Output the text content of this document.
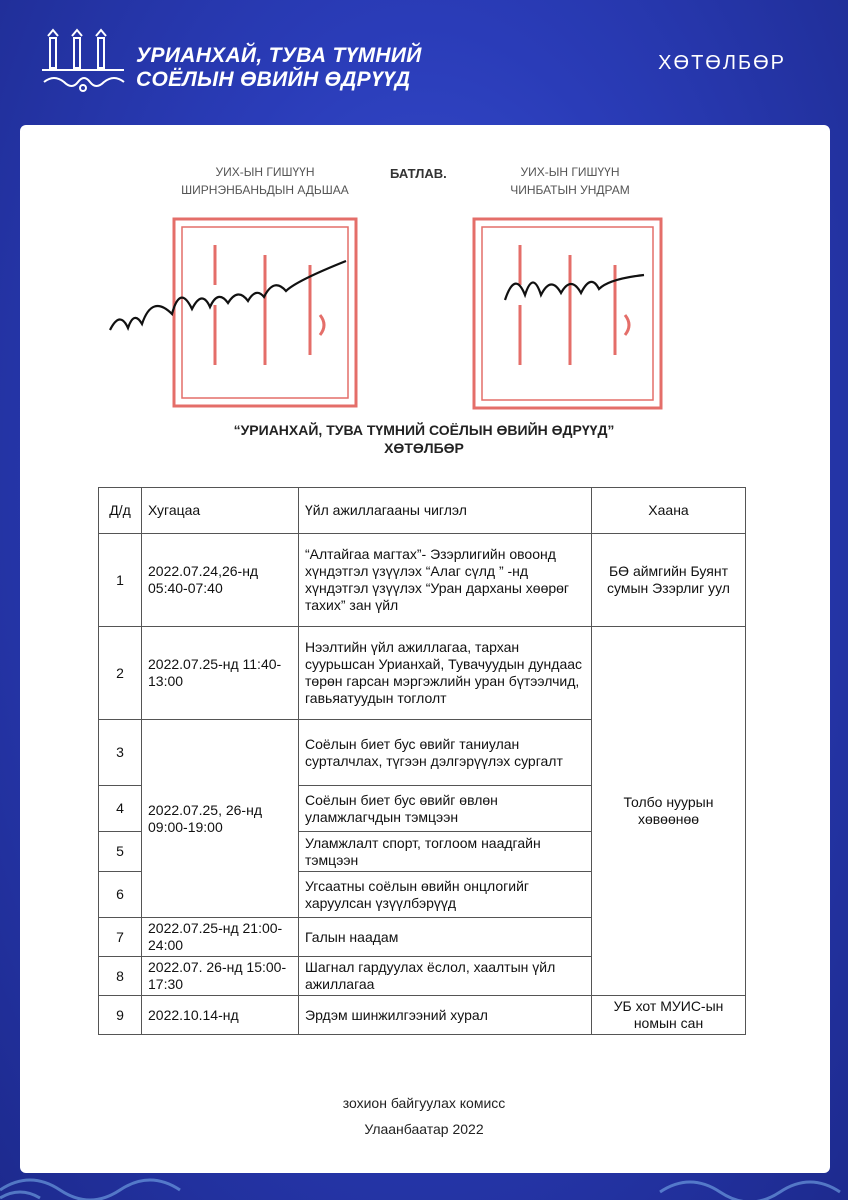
УРИАНХАЙ, ТУВА ТҮМНИЙ
СОЁЛЫН ӨВИЙН ӨДРҮҮД
ХӨТӨЛБӨР
УИХ-ЫН ГИШҮҮН
ШИРНЭНБАНЬДЫН АДЬШАА
БАТЛАВ.	УИХ-ЫН ГИШҮҮН
ЧИНБАТЫН УНДРАМ
“УРИАНХАЙ, ТУВА ТҮМНИЙ СОЁЛЫН ӨВИЙН ӨДРҮҮД”
ХӨТӨЛБӨР
Д/д	Хугацаа	Үйл ажиллагааны чиглэл	Хаана
1	2022.07.24,26-нд 05:40-07:40	“Алтайгаа магтах”- Эзэрлигийн овоонд хүндэтгэл үзүүлэх “Алаг сүлд ” -нд хүндэтгэл үзүүлэх “Уран дарханы хөөрөг тахих” зан үйл	БӨ аймгийн Буянт сумын Эзэрлиг уул
2	2022.07.25-нд 11:40-13:00	Нээлтийн үйл ажиллагаа, тархан суурьшсан Урианхай, Тувачуудын дундаас төрөн гарсан мэргэжлийн уран бүтээлчид, гавьяатуудын тоглолт	Толбо нуурын хөвөөнөө
3	2022.07.25, 26-нд 09:00-19:00	Соёлын биет бус өвийг таниулан сурталчлах, түгээн дэлгэрүүлэх сургалт	
4		Соёлын биет бус өвийг өвлөн уламжлагчдын тэмцээн	
5		Уламжлалт спорт, тоглоом наадгайн тэмцээн	
6		Угсаатны соёлын өвийн онцлогийг харуулсан үзүүлбэрүүд	
7	2022.07.25-нд 21:00-24:00	Галын наадам	
8	2022.07. 26-нд 15:00-17:30	Шагнал гардуулах ёслол, хаалтын үйл ажиллагаа	
9	2022.10.14-нд	Эрдэм шинжилгээний хурал	УБ хот МУИС-ын номын сан
зохион байгуулах комисс
Улаанбаатар 2022
